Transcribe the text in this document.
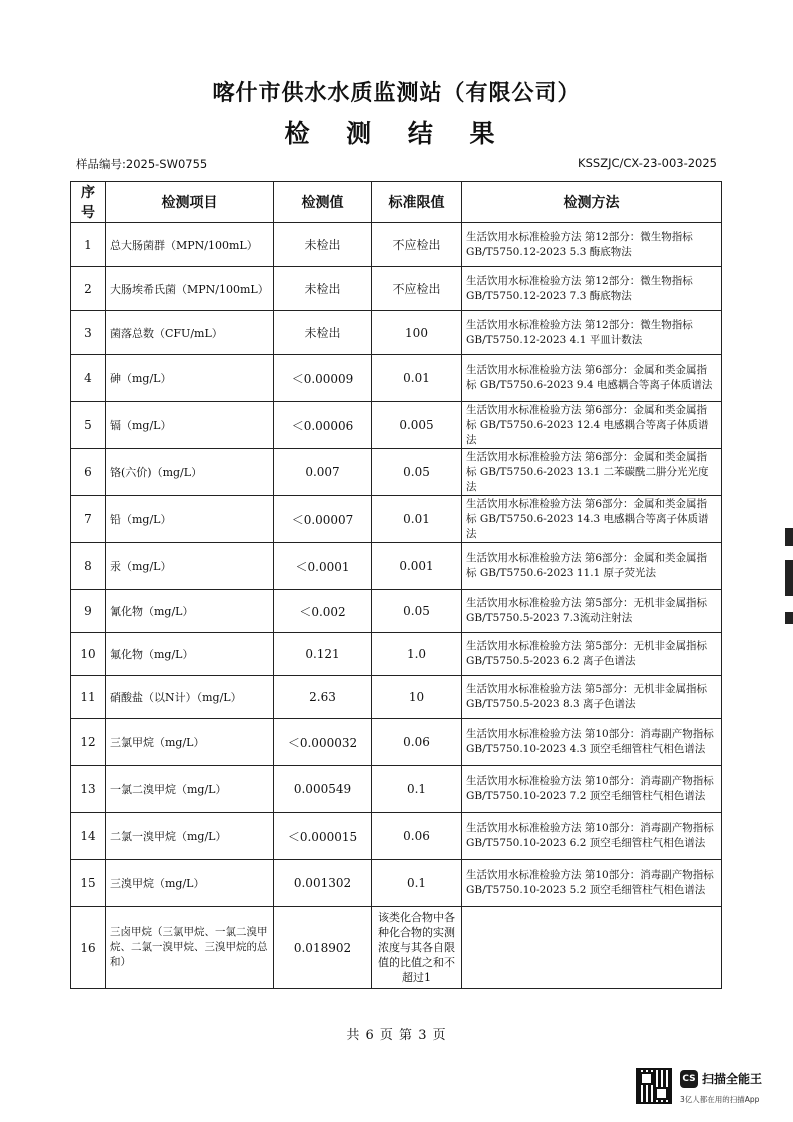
喀什市供水水质监测站（有限公司）
检 测 结 果
样品编号:2025-SW0755	KSSZJC/CX-23-003-2025
序号	检测项目	检测值	标准限值	检测方法
1	总大肠菌群（MPN/100mL）	未检出	不应检出	生活饮用水标准检验方法 第12部分：微生物指标 GB/T5750.12-2023 5.3 酶底物法
2	大肠埃希氏菌（MPN/100mL）	未检出	不应检出	生活饮用水标准检验方法 第12部分：微生物指标 GB/T5750.12-2023 7.3 酶底物法
3	菌落总数（CFU/mL）	未检出	100	生活饮用水标准检验方法 第12部分：微生物指标GB/T5750.12-2023 4.1 平皿计数法
4	砷（mg/L）	＜0.00009	0.01	生活饮用水标准检验方法 第6部分：金属和类金属指标 GB/T5750.6-2023 9.4 电感耦合等离子体质谱法
5	镉（mg/L）	＜0.00006	0.005	生活饮用水标准检验方法 第6部分：金属和类金属指标 GB/T5750.6-2023 12.4 电感耦合等离子体质谱法
6	铬(六价)（mg/L）	0.007	0.05	生活饮用水标准检验方法 第6部分：金属和类金属指标 GB/T5750.6-2023 13.1 二苯碳酰二肼分光光度法
7	铅（mg/L）	＜0.00007	0.01	生活饮用水标准检验方法 第6部分：金属和类金属指标 GB/T5750.6-2023 14.3 电感耦合等离子体质谱法
8	汞（mg/L）	＜0.0001	0.001	生活饮用水标准检验方法 第6部分：金属和类金属指标 GB/T5750.6-2023 11.1 原子荧光法
9	氰化物（mg/L）	＜0.002	0.05	生活饮用水标准检验方法 第5部分：无机非金属指标 GB/T5750.5-2023 7.3流动注射法
10	氟化物（mg/L）	0.121	1.0	生活饮用水标准检验方法 第5部分：无机非金属指标 GB/T5750.5-2023 6.2 离子色谱法
11	硝酸盐（以N计）（mg/L）	2.63	10	生活饮用水标准检验方法 第5部分：无机非金属指标 GB/T5750.5-2023 8.3 离子色谱法
12	三氯甲烷（mg/L）	＜0.000032	0.06	生活饮用水标准检验方法 第10部分：消毒副产物指标 GB/T5750.10-2023 4.3 顶空毛细管柱气相色谱法
13	一氯二溴甲烷（mg/L）	0.000549	0.1	生活饮用水标准检验方法 第10部分：消毒副产物指标 GB/T5750.10-2023 7.2 顶空毛细管柱气相色谱法
14	二氯一溴甲烷（mg/L）	＜0.000015	0.06	生活饮用水标准检验方法 第10部分：消毒副产物指标 GB/T5750.10-2023 6.2 顶空毛细管柱气相色谱法
15	三溴甲烷（mg/L）	0.001302	0.1	生活饮用水标准检验方法 第10部分：消毒副产物指标 GB/T5750.10-2023 5.2 顶空毛细管柱气相色谱法
16	三卤甲烷（三氯甲烷、一氯二溴甲烷、二氯一溴甲烷、三溴甲烷的总和）	0.018902	该类化合物中各种化合物的实测浓度与其各自限值的比值之和不超过1	
共 6 页 第 3 页
CS 扫描全能王
3亿人都在用的扫描App
